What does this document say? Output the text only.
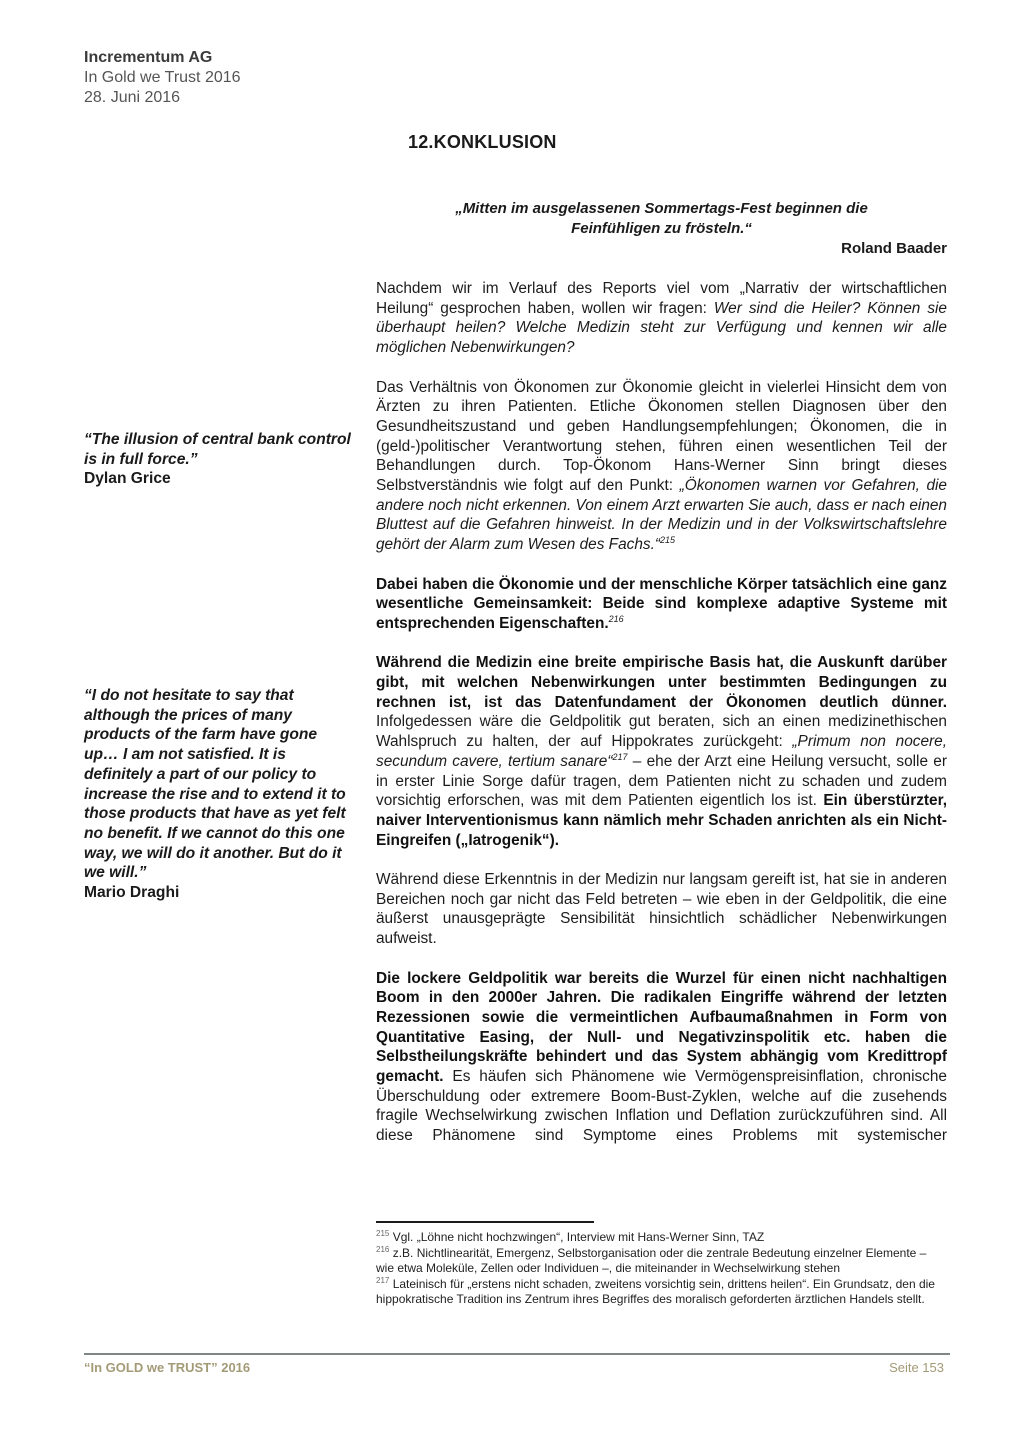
Incrementum AG
In Gold we Trust 2016
28. Juni 2016
12.KONKLUSION
„Mitten im ausgelassenen Sommertags-Fest beginnen die
Feinfühligen zu frösteln.“
Roland Baader
“The illusion of central bank control is in full force.”
Dylan Grice
“I do not hesitate to say that although the prices of many products of the farm have gone up… I am not satisfied. It is definitely a part of our policy to increase the rise and to extend it to those products that have as yet felt no benefit. If we cannot do this one way, we will do it another. But do it we will.”
Mario Draghi

Nachdem wir im Verlauf des Reports viel vom „Narrativ der wirtschaftlichen Heilung“ gesprochen haben, wollen wir fragen: Wer sind die Heiler? Können sie überhaupt heilen? Welche Medizin steht zur Verfügung und kennen wir alle möglichen Nebenwirkungen?

Das Verhältnis von Ökonomen zur Ökonomie gleicht in vielerlei Hinsicht dem von Ärzten zu ihren Patienten. Etliche Ökonomen stellen Diagnosen über den Gesundheitszustand und geben Handlungsempfehlungen; Ökonomen, die in (geld-)politischer Verantwortung stehen, führen einen wesentlichen Teil der Behandlungen durch. Top-Ökonom Hans-Werner Sinn bringt dieses Selbstverständnis wie folgt auf den Punkt: „Ökonomen warnen vor Gefahren, die andere noch nicht erkennen. Von einem Arzt erwarten Sie auch, dass er nach einen Bluttest auf die Gefahren hinweist. In der Medizin und in der Volkswirtschaftslehre gehört der Alarm zum Wesen des Fachs.“$^{215}$

Dabei haben die Ökonomie und der menschliche Körper tatsächlich eine ganz wesentliche Gemeinsamkeit: Beide sind komplexe adaptive Systeme mit entsprechenden Eigenschaften.$^{216}$

Während die Medizin eine breite empirische Basis hat, die Auskunft darüber gibt, mit welchen Nebenwirkungen unter bestimmten Bedingungen zu rechnen ist, ist das Datenfundament der Ökonomen deutlich dünner. Infolgedessen wäre die Geldpolitik gut beraten, sich an einen medizinethischen Wahlspruch zu halten, der auf Hippokrates zurückgeht: „Primum non nocere, secundum cavere, tertium sanare“$^{217}$ – ehe der Arzt eine Heilung versucht, solle er in erster Linie Sorge dafür tragen, dem Patienten nicht zu schaden und zudem vorsichtig erforschen, was mit dem Patienten eigentlich los ist. Ein überstürzter, naiver Interventionismus kann nämlich mehr Schaden anrichten als ein Nicht-Eingreifen („Iatrogenik“).

Während diese Erkenntnis in der Medizin nur langsam gereift ist, hat sie in anderen Bereichen noch gar nicht das Feld betreten – wie eben in der Geldpolitik, die eine äußerst unausgeprägte Sensibilität hinsichtlich schädlicher Nebenwirkungen aufweist.

Die lockere Geldpolitik war bereits die Wurzel für einen nicht nachhaltigen Boom in den 2000er Jahren. Die radikalen Eingriffe während der letzten Rezessionen sowie die vermeintlichen Aufbaumaßnahmen in Form von Quantitative Easing, der Null- und Negativzinspolitik etc. haben die Selbstheilungskräfte behindert und das System abhängig vom Kredittropf gemacht. Es häufen sich Phänomene wie Vermögenspreisinflation, chronische Überschuldung oder extremere Boom-Bust-Zyklen, welche auf die zusehends fragile Wechselwirkung zwischen Inflation und Deflation zurückzuführen sind. All diese Phänomene sind Symptome eines Problems mit systemischer

$^{215}$ Vgl. „Löhne nicht hochzwingen“, Interview mit Hans-Werner Sinn, TAZ
$^{216}$ z.B. Nichtlinearität, Emergenz, Selbstorganisation oder die zentrale Bedeutung einzelner Elemente – wie etwa Moleküle, Zellen oder Individuen –, die miteinander in Wechselwirkung stehen
$^{217}$ Lateinisch für „erstens nicht schaden, zweitens vorsichtig sein, drittens heilen“. Ein Grundsatz, den die hippokratische Tradition ins Zentrum ihres Begriffes des moralisch geforderten ärztlichen Handels stellt.
“In GOLD we TRUST” 2016	Seite 153
